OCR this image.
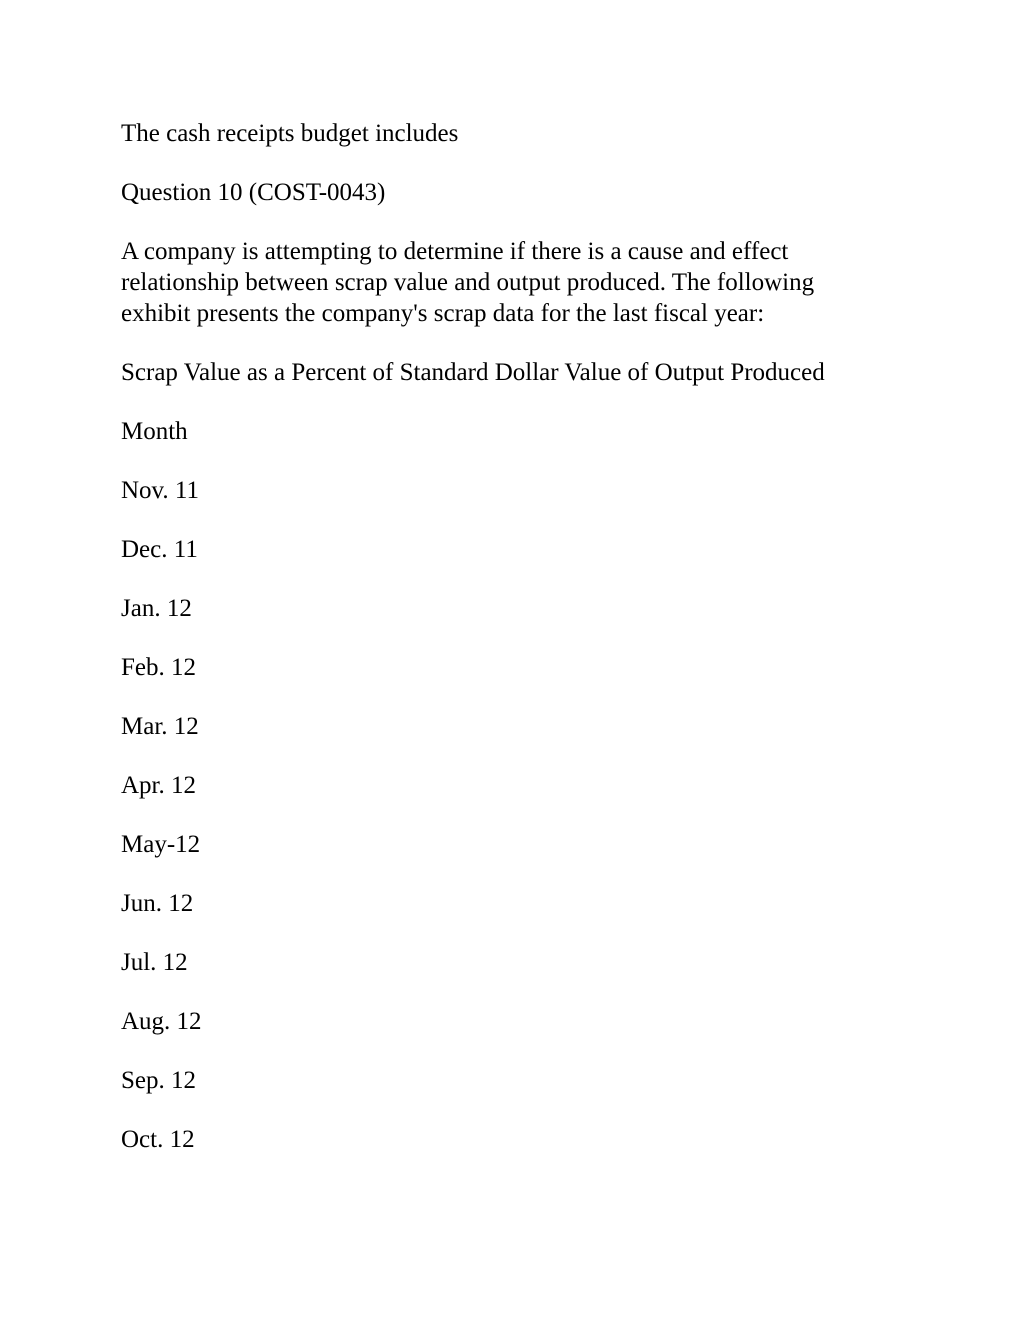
The cash receipts budget includes

Question 10 (COST-0043)

A company is attempting to determine if there is a cause and effect
relationship between scrap value and output produced. The following
exhibit presents the company's scrap data for the last fiscal year:

Scrap Value as a Percent of Standard Dollar Value of Output Produced

Month

Nov. 11

Dec. 11

Jan. 12

Feb. 12

Mar. 12

Apr. 12

May-12

Jun. 12

Jul. 12

Aug. 12

Sep. 12

Oct. 12
